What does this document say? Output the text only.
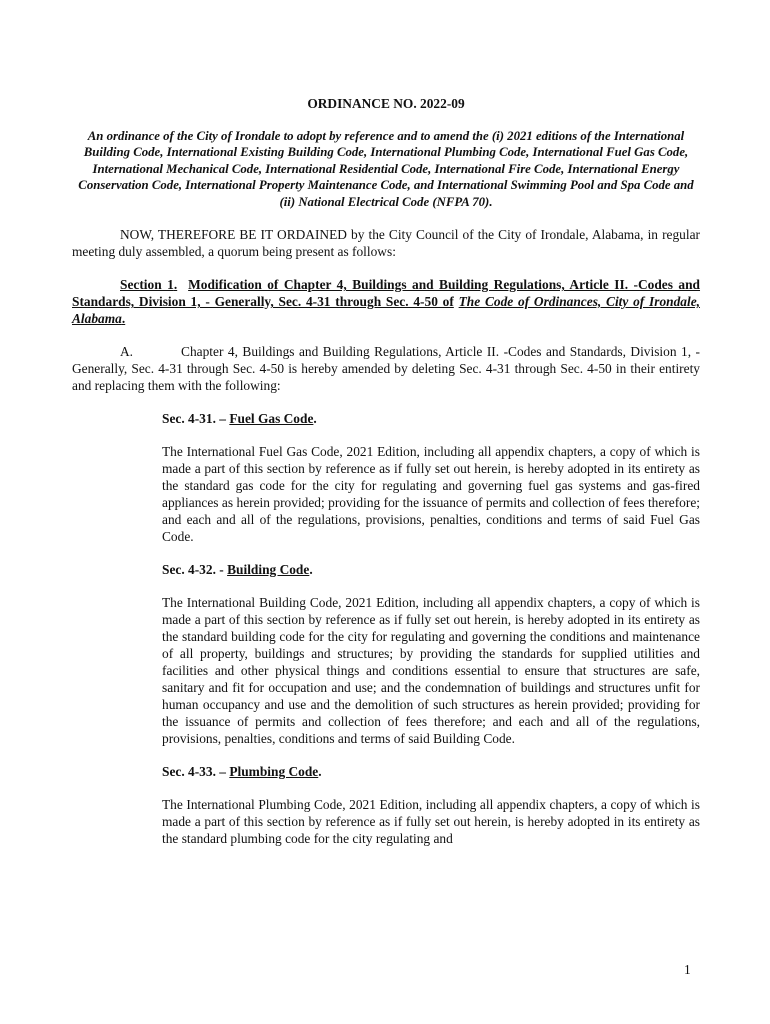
ORDINANCE NO. 2022-09

An ordinance of the City of Irondale to adopt by reference and to amend the (i) 2021 editions of the International Building Code, International Existing Building Code, International Plumbing Code, International Fuel Gas Code, International Mechanical Code, International Residential Code, International Fire Code, International Energy Conservation Code, International Property Maintenance Code, and International Swimming Pool and Spa Code and (ii) National Electrical Code (NFPA 70).

NOW, THEREFORE BE IT ORDAINED by the City Council of the City of Irondale, Alabama, in regular meeting duly assembled, a quorum being present as follows:

Section 1. Modification of Chapter 4, Buildings and Building Regulations, Article II. -Codes and Standards, Division 1, - Generally, Sec. 4-31 through Sec. 4-50 of The Code of Ordinances, City of Irondale, Alabama.

A.	Chapter 4, Buildings and Building Regulations, Article II. -Codes and Standards, Division 1, - Generally, Sec. 4-31 through Sec. 4-50 is hereby amended by deleting Sec. 4-31 through Sec. 4-50 in their entirety and replacing them with the following:

Sec. 4-31. – Fuel Gas Code.

The International Fuel Gas Code, 2021 Edition, including all appendix chapters, a copy of which is made a part of this section by reference as if fully set out herein, is hereby adopted in its entirety as the standard gas code for the city for regulating and governing fuel gas systems and gas-fired appliances as herein provided; providing for the issuance of permits and collection of fees therefore; and each and all of the regulations, provisions, penalties, conditions and terms of said Fuel Gas Code.

Sec. 4-32. - Building Code.

The International Building Code, 2021 Edition, including all appendix chapters, a copy of which is made a part of this section by reference as if fully set out herein, is hereby adopted in its entirety as the standard building code for the city for regulating and governing the conditions and maintenance of all property, buildings and structures; by providing the standards for supplied utilities and facilities and other physical things and conditions essential to ensure that structures are safe, sanitary and fit for occupation and use; and the condemnation of buildings and structures unfit for human occupancy and use and the demolition of such structures as herein provided; providing for the issuance of permits and collection of fees therefore; and each and all of the regulations, provisions, penalties, conditions and terms of said Building Code.

Sec. 4-33. – Plumbing Code.

The International Plumbing Code, 2021 Edition, including all appendix chapters, a copy of which is made a part of this section by reference as if fully set out herein, is hereby adopted in its entirety as the standard plumbing code for the city regulating and

1
